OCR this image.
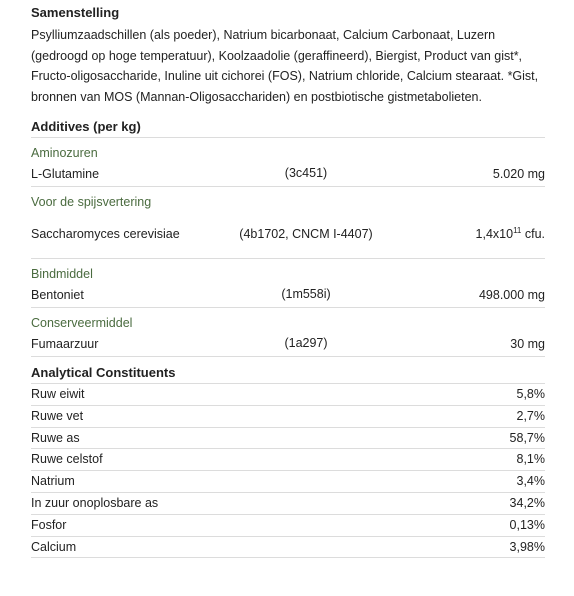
Samenstelling
Psylliumzaadschillen (als poeder), Natrium bicarbonaat, Calcium Carbonaat, Luzern (gedroogd op hoge temperatuur), Koolzaadolie (geraffineerd), Biergist, Product van gist*, Fructo-oligosaccharide, Inuline uit cichorei (FOS), Natrium chloride, Calcium stearaat. *Gist, bronnen van MOS (Mannan-Oligosacchariden) en postbiotische gistmetabolieten.
Additives (per kg)
Aminozuren
L-Glutamine	(3c451)	5.020 mg
Voor de spijsvertering
Saccharomyces cerevisiae	(4b1702, CNCM I-4407)	$1,4x10^{11}$ cfu.
Bindmiddel
Bentoniet	(1m558i)	498.000 mg
Conserveermiddel
Fumaarzuur	(1a297)	30 mg
Analytical Constituents
Ruw eiwit	5,8%
Ruwe vet	2,7%
Ruwe as	58,7%
Ruwe celstof	8,1%
Natrium	3,4%
In zuur onoplosbare as	34,2%
Fosfor	0,13%
Calcium	3,98%
